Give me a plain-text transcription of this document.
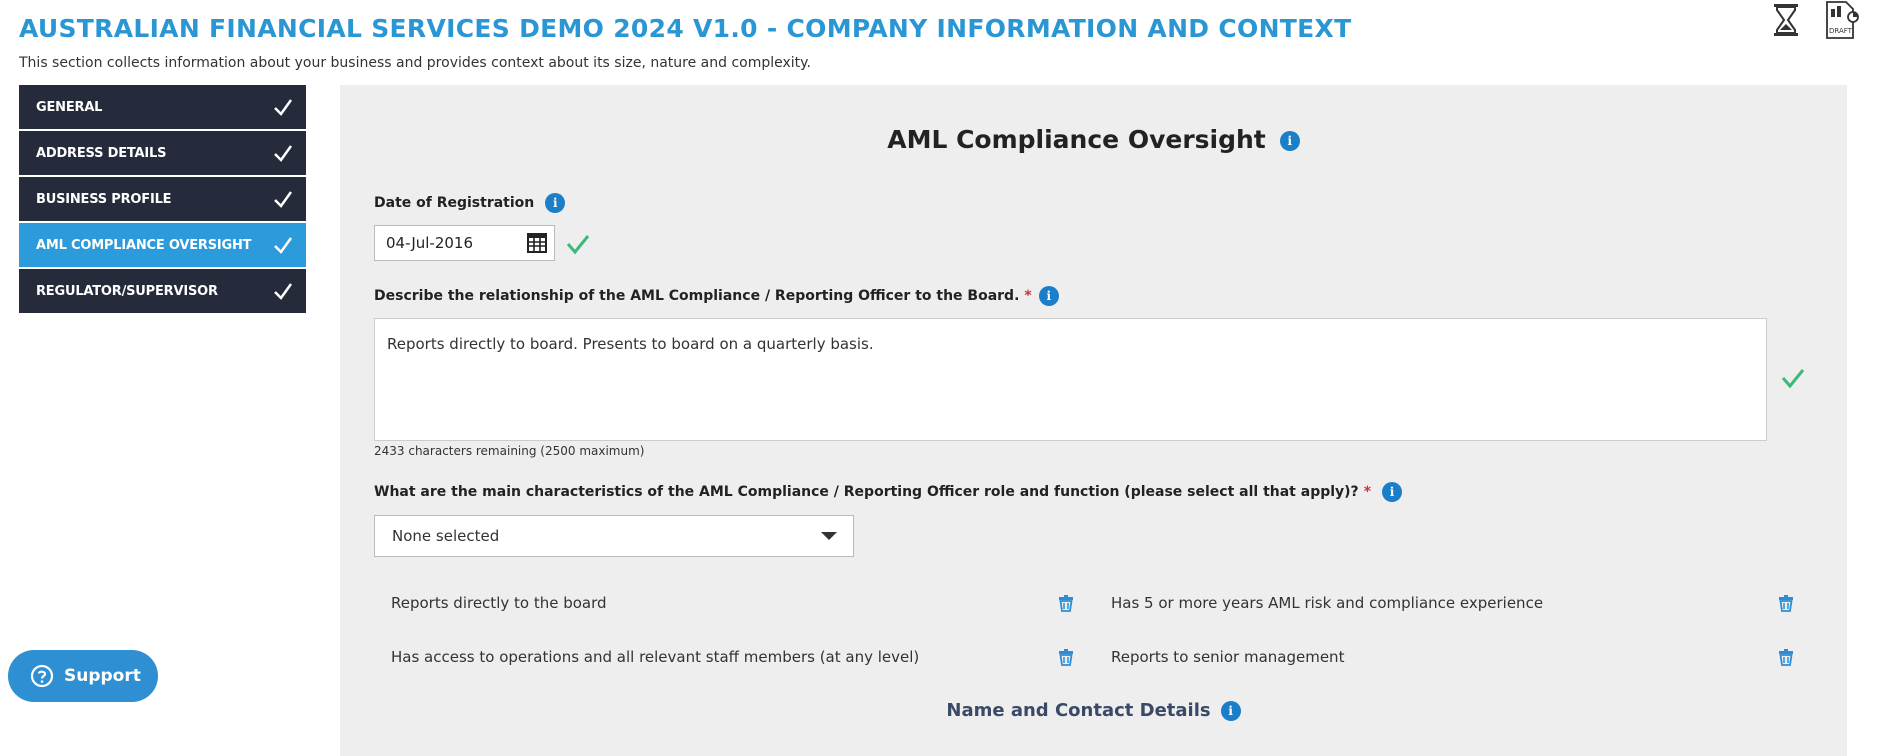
AUSTRALIAN FINANCIAL SERVICES DEMO 2024 V1.0 - COMPANY INFORMATION AND CONTEXT
This section collects information about your business and provides context about its size, nature and complexity.
DRAFT
GENERAL
ADDRESS DETAILS
BUSINESS PROFILE
AML COMPLIANCE OVERSIGHT
REGULATOR/SUPERVISOR
Support
AML Compliance Oversight i
Date of Registration	i
04-Jul-2016
Describe the relationship of the AML Compliance / Reporting Officer to the Board. *	i
Reports directly to board. Presents to board on a quarterly basis.
2433 characters remaining (2500 maximum)
What are the main characteristics of the AML Compliance / Reporting Officer role and function (please select all that apply)? *	i
None selected
Reports directly to the board	Has 5 or more years AML risk and compliance experience
Has access to operations and all relevant staff members (at any level)	Reports to senior management
Name and Contact Details i
